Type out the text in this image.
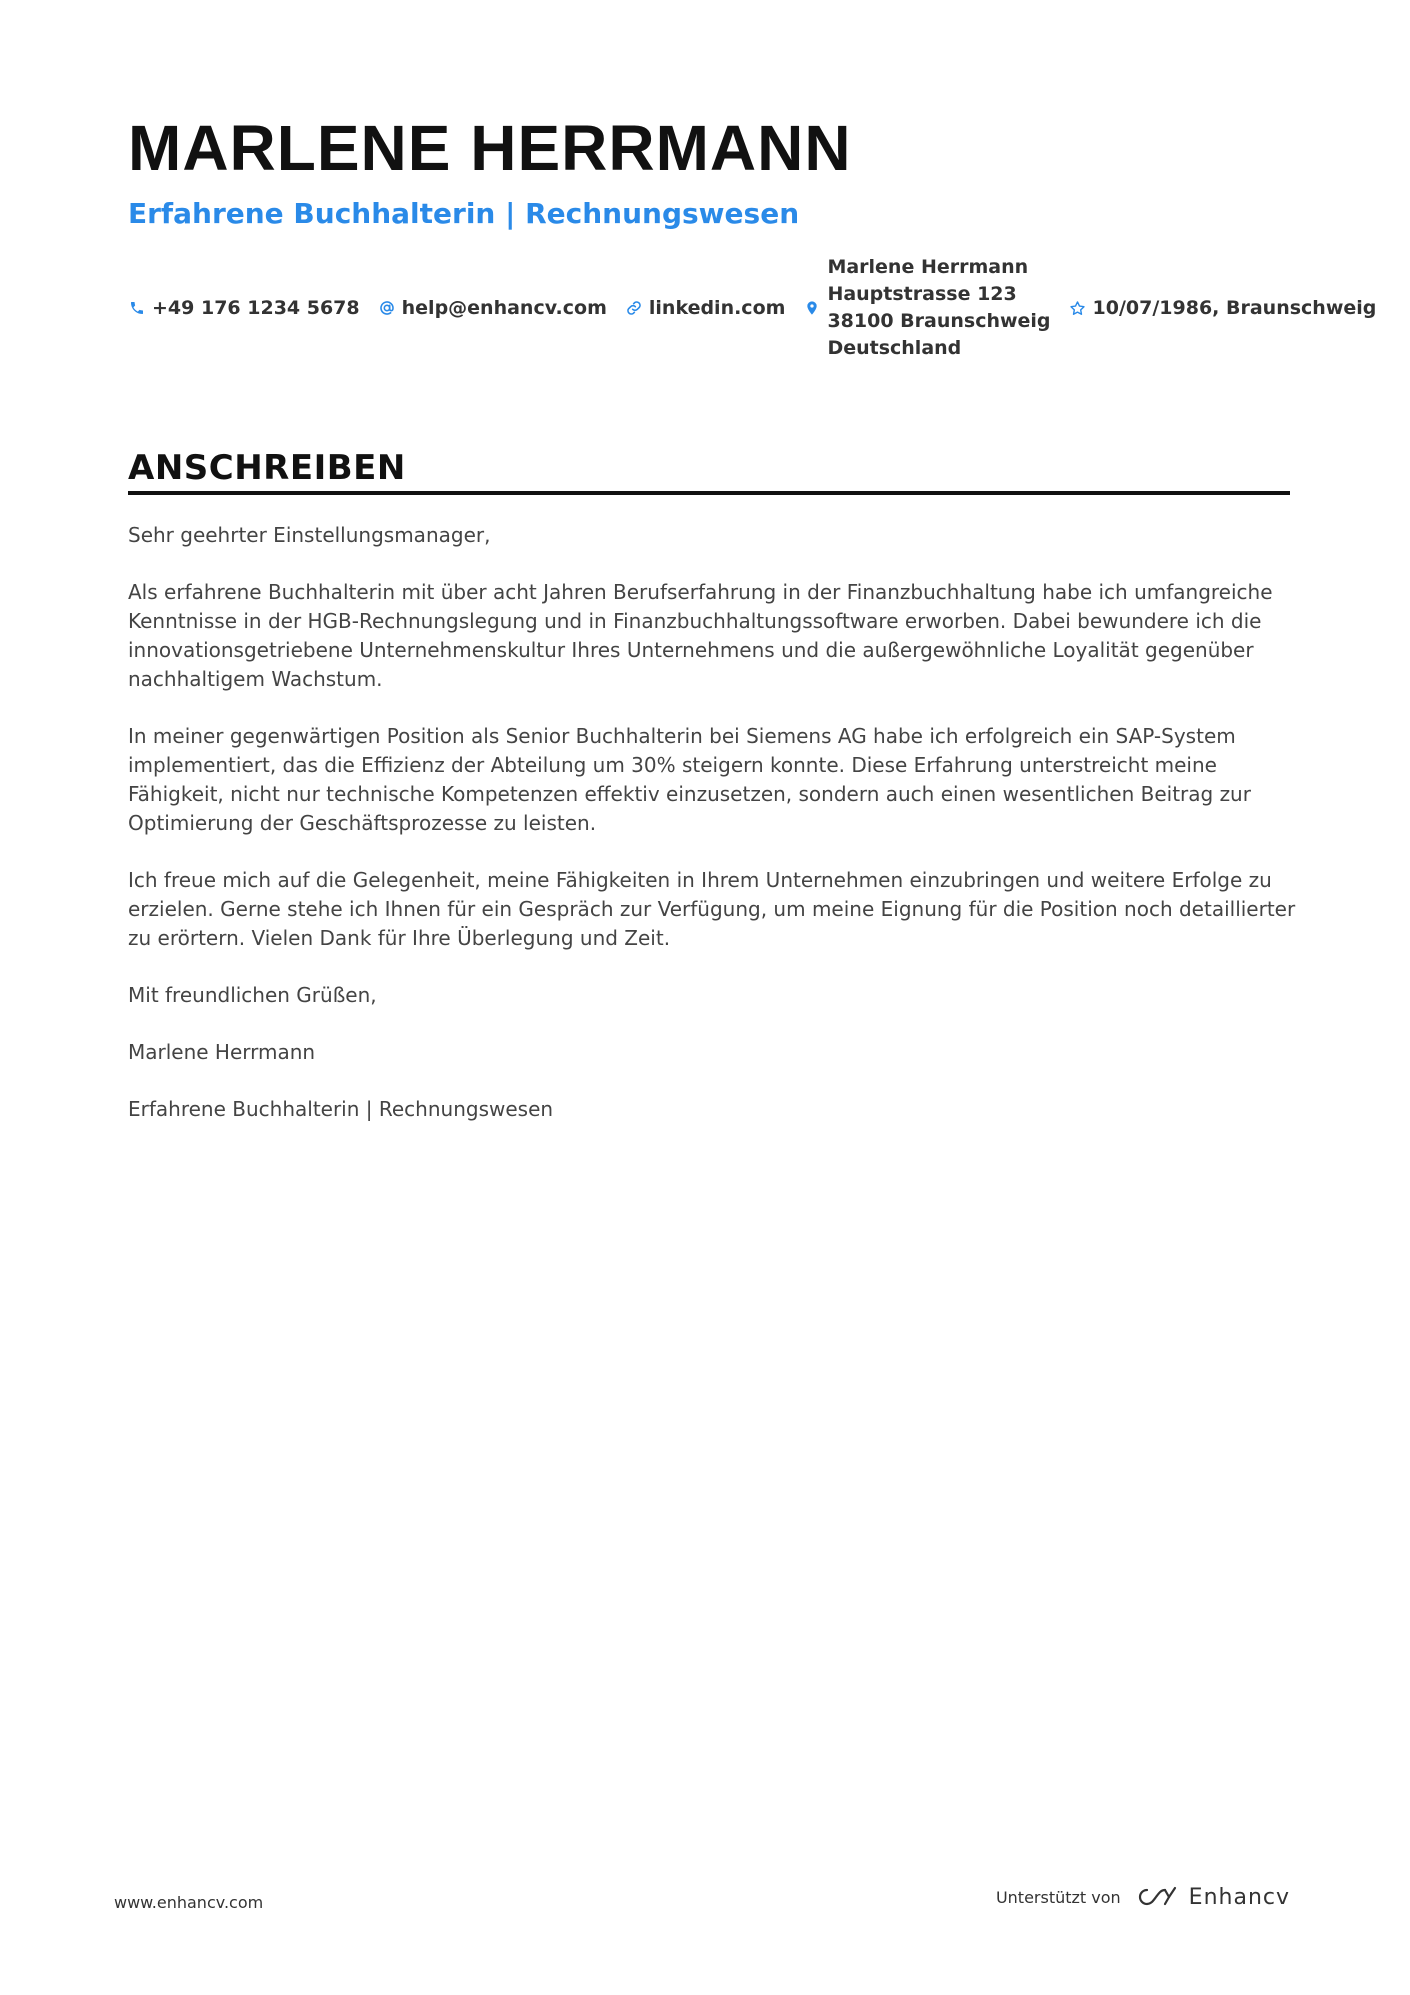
MARLENE HERRMANN
Erfahrene Buchhalterin | Rechnungswesen
+49 176 1234 5678 help@enhancv.com linkedin.com
Marlene Herrmann
Hauptstrasse 123
38100 Braunschweig
Deutschland
10/07/1986, Braunschweig
ANSCHREIBEN

Sehr geehrter Einstellungsmanager,

Als erfahrene Buchhalterin mit über acht Jahren Berufserfahrung in der Finanzbuchhaltung habe ich umfangreiche Kenntnisse in der HGB-Rechnungslegung und in Finanzbuchhaltungssoftware erworben. Dabei bewundere ich die innovationsgetriebene Unternehmenskultur Ihres Unternehmens und die außergewöhnliche Loyalität gegenüber nachhaltigem Wachstum.

In meiner gegenwärtigen Position als Senior Buchhalterin bei Siemens AG habe ich erfolgreich ein SAP-System implementiert, das die Effizienz der Abteilung um 30% steigern konnte. Diese Erfahrung unterstreicht meine Fähigkeit, nicht nur technische Kompetenzen effektiv einzusetzen, sondern auch einen wesentlichen Beitrag zur Optimierung der Geschäftsprozesse zu leisten.

Ich freue mich auf die Gelegenheit, meine Fähigkeiten in Ihrem Unternehmen einzubringen und weitere Erfolge zu erzielen. Gerne stehe ich Ihnen für ein Gespräch zur Verfügung, um meine Eignung für die Position noch detaillierter zu erörtern. Vielen Dank für Ihre Überlegung und Zeit.

Mit freundlichen Grüßen,

Marlene Herrmann

Erfahrene Buchhalterin | Rechnungswesen

www.enhancv.com	Unterstützt von	Enhancv
